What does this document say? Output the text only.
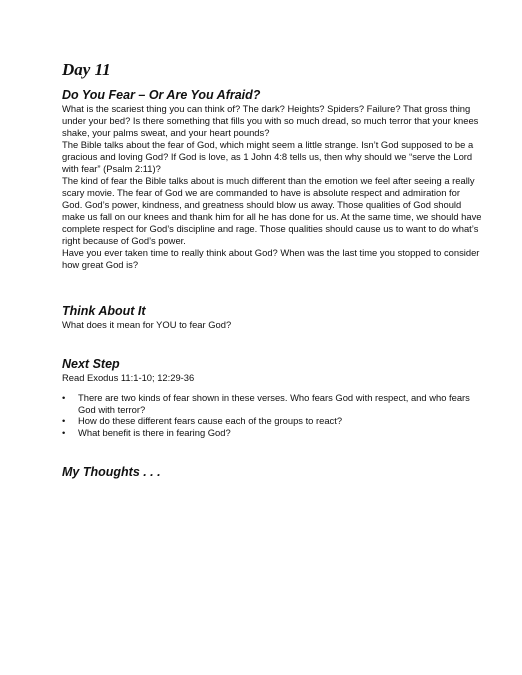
Day 11
Do You Fear – Or Are You Afraid?

What is the scariest thing you can think of? The dark? Heights? Spiders? Failure? That gross thing under your bed? Is there something that fills you with so much dread, so much terror that your knees shake, your palms sweat, and your heart pounds?

The Bible talks about the fear of God, which might seem a little strange. Isn’t God supposed to be a gracious and loving God? If God is love, as 1 John 4:8 tells us, then why should we “serve the Lord with fear” (Psalm 2:11)?

The kind of fear the Bible talks about is much different than the emotion we feel after seeing a really scary movie. The fear of God we are commanded to have is absolute respect and admiration for God. God’s power, kindness, and greatness should blow us away. Those qualities of God should make us fall on our knees and thank him for all he has done for us. At the same time, we should have complete respect for God’s discipline and rage. Those qualities should cause us to want to do what’s right because of God’s power.

Have you ever taken time to really think about God? When was the last time you stopped to consider how great God is?

Think About It

What does it mean for YOU to fear God?

Next Step

Read Exodus 11:1-10; 12:29-36

• There are two kinds of fear shown in these verses. Who fears God with respect, and who fears God with terror?
• How do these different fears cause each of the groups to react?
• What benefit is there in fearing God?
My Thoughts . . .
